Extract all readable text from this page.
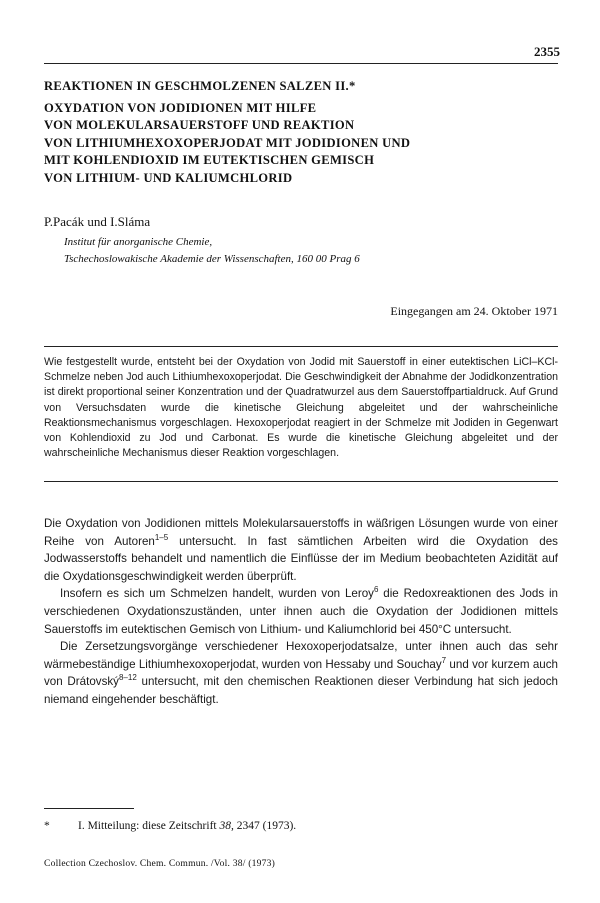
2355
REAKTIONEN IN GESCHMOLZENEN SALZEN II.*
OXYDATION VON JODIDIONEN MIT HILFE
VON MOLEKULARSAUERSTOFF UND REAKTION
VON LITHIUMHEXOXOPERJODAT MIT JODIDIONEN UND
MIT KOHLENDIOXID IM EUTEKTISCHEN GEMISCH
VON LITHIUM- UND KALIUMCHLORID
P.Pacák und I.Sláma
Institut für anorganische Chemie,
Tschechoslowakische Akademie der Wissenschaften, 160 00 Prag 6
Eingegangen am 24. Oktober 1971
Wie festgestellt wurde, entsteht bei der Oxydation von Jodid mit Sauerstoff in einer eutektischen LiCl–KCl-Schmelze neben Jod auch Lithiumhexoxoperjodat. Die Geschwindigkeit der Abnahme der Jodidkonzentration ist direkt proportional seiner Konzentration und der Quadratwurzel aus dem Sauerstoffpartialdruck. Auf Grund von Versuchsdaten wurde die kinetische Gleichung abgeleitet und der wahrscheinliche Reaktionsmechanismus vorgeschlagen. Hexoxoperjodat reagiert in der Schmelze mit Jodiden in Gegenwart von Kohlendioxid zu Jod und Carbonat. Es wurde die kinetische Gleichung abgeleitet und der wahrscheinliche Mechanismus dieser Reaktion vorgeschlagen.

Die Oxydation von Jodidionen mittels Molekularsauerstoffs in wäßrigen Lösungen wurde von einer Reihe von Autoren$^{1-5}$ untersucht. In fast sämtlichen Arbeiten wird die Oxydation des Jodwasserstoffs behandelt und namentlich die Einflüsse der im Medium beobachteten Azidität auf die Oxydationsgeschwindigkeit werden überprüft.

Insofern es sich um Schmelzen handelt, wurden von Leroy$^6$ die Redoxreaktionen des Jods in verschiedenen Oxydationszuständen, unter ihnen auch die Oxydation der Jodidionen mittels Sauerstoffs im eutektischen Gemisch von Lithium- und Kaliumchlorid bei 450°C untersucht.

Die Zersetzungsvorgänge verschiedener Hexoxoperjodatsalze, unter ihnen auch das sehr wärmebeständige Lithiumhexoxoperjodat, wurden von Hessaby und Souchay$^7$ und vor kurzem auch von Drátovský$^{8-12}$ untersucht, mit den chemischen Reaktionen dieser Verbindung hat sich jedoch niemand eingehender beschäftigt.

* I. Mitteilung: diese Zeitschrift 38, 2347 (1973).
Collection Czechoslov. Chem. Commun. /Vol. 38/ (1973)
